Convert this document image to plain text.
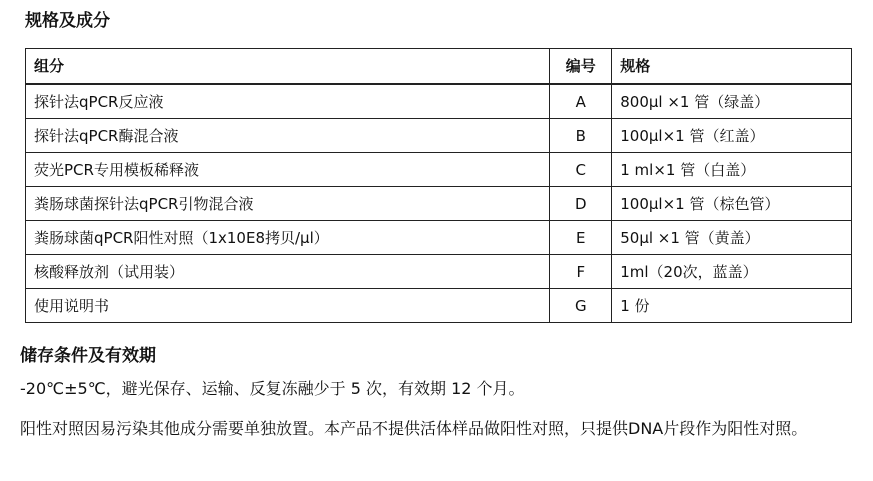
规格及成分
组分	编号	规格
探针法qPCR反应液	A	800μl ×1 管（绿盖）
探针法qPCR酶混合液	B	100μl×1 管（红盖）
荧光PCR专用模板稀释液	C	1 ml×1 管（白盖）
粪肠球菌探针法qPCR引物混合液	D	100μl×1 管（棕色管）
粪肠球菌qPCR阳性对照（1x10E8拷贝/μl）	E	50μl ×1 管（黄盖）
核酸释放剂（试用装）	F	1ml（20次，蓝盖）
使用说明书	G	1 份
储存条件及有效期
-20℃±5℃，避光保存、运输、反复冻融少于 5 次，有效期 12 个月。
阳性对照因易污染其他成分需要单独放置。本产品不提供活体样品做阳性对照，只提供DNA片段作为阳性对照。
